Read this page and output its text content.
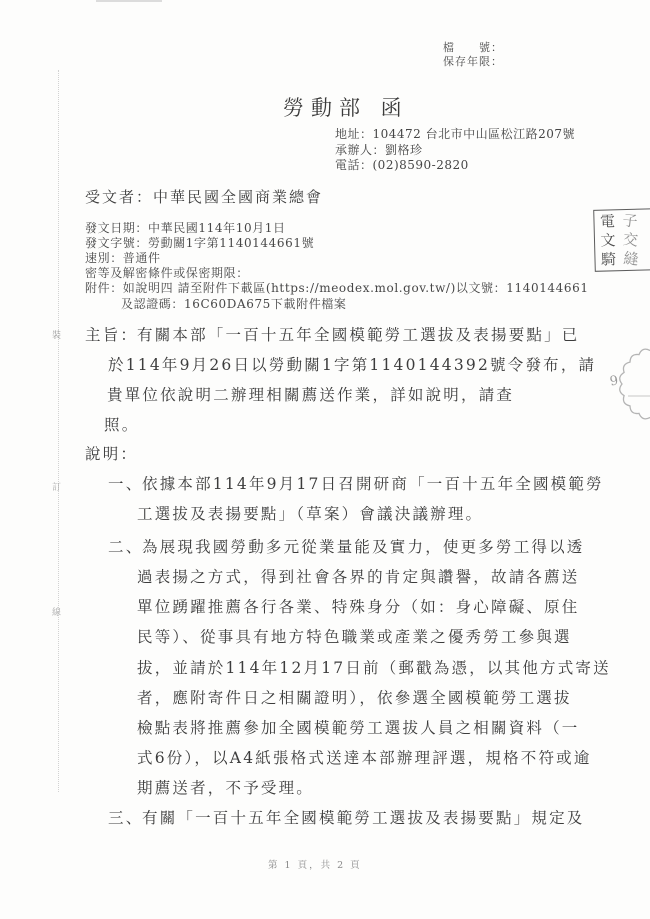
裝
訂
線
檔　　號：
保存年限：
勞動部 函
地址：104472 台北市中山區松江路207號
承辦人：劉格珍
電話：(02)8590-2820
受文者：中華民國全國商業總會
發文日期：中華民國114年10月1日
發文字號：勞動關1字第1140144661號
速別：普通件
密等及解密條件或保密期限：
附件：如說明四 請至附件下載區(https://meodex.mol.gov.tw/)以文號：1140144661
及認證碼：16C60DA675下載附件檔案
主旨：
有關本部「一百十五年全國模範勞工選拔及表揚要點」已
於114年9月26日以勞動關1字第1140144392號令發布，請
貴單位依說明二辦理相關薦送作業，詳如說明，請查
照。
說明：
一、
依據本部114年9月17日召開研商「一百十五年全國模範勞
工選拔及表揚要點」（草案）會議決議辦理。
二、
為展現我國勞動多元從業量能及實力，使更多勞工得以透
過表揚之方式，得到社會各界的肯定與讚譽，故請各薦送
單位踴躍推薦各行各業、特殊身分（如：身心障礙、原住
民等）、從事具有地方特色職業或產業之優秀勞工參與選
拔，並請於114年12月17日前（郵戳為憑，以其他方式寄送
者，應附寄件日之相關證明），依參選全國模範勞工選拔
檢點表將推薦參加全國模範勞工選拔人員之相關資料（一
式6份），以A4紙張格式送達本部辦理評選，規格不符或逾
期薦送者，不予受理。
三、
有關「一百十五年全國模範勞工選拔及表揚要點」規定及
第 1 頁，共 2 頁
電
文
騎
子
交
縫
9
